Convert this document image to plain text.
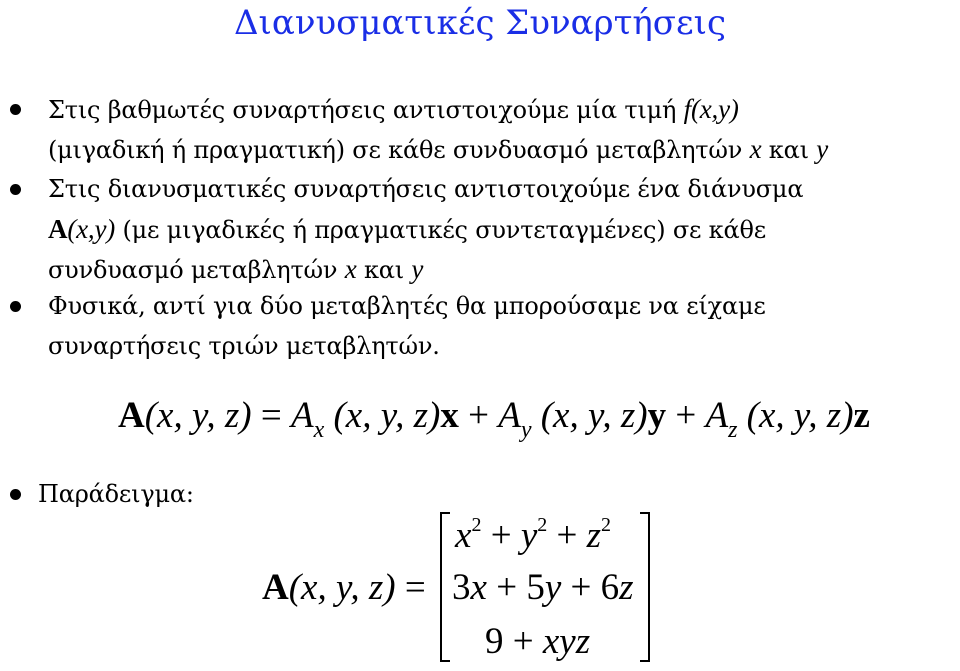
Διανυσματικές Συναρτήσεις
Στις βαθμωτές συναρτήσεις αντιστοιχούμε μία τιμή f(x,y)
(μιγαδική ή πραγματική) σε κάθε συνδυασμό μεταβλητών x και y
Στις διανυσματικές συναρτήσεις αντιστοιχούμε ένα διάνυσμα
A(x,y) (με μιγαδικές ή πραγματικές συντεταγμένες) σε κάθε
συνδυασμό μεταβλητών x και y
Φυσικά, αντί για δύο μεταβλητές θα μπορούσαμε να είχαμε
συναρτήσεις τριών μεταβλητών.
A(x, y, $z) = A_x$ (x, y, $z)x + A_y$ (x, y, $z)y + A_z$ (x, y, z)z
Παράδειγμα:
A(x, y, z) =
$x^2 + y^2 + z^2$
3x + 5y + 6z
9 + xyz
